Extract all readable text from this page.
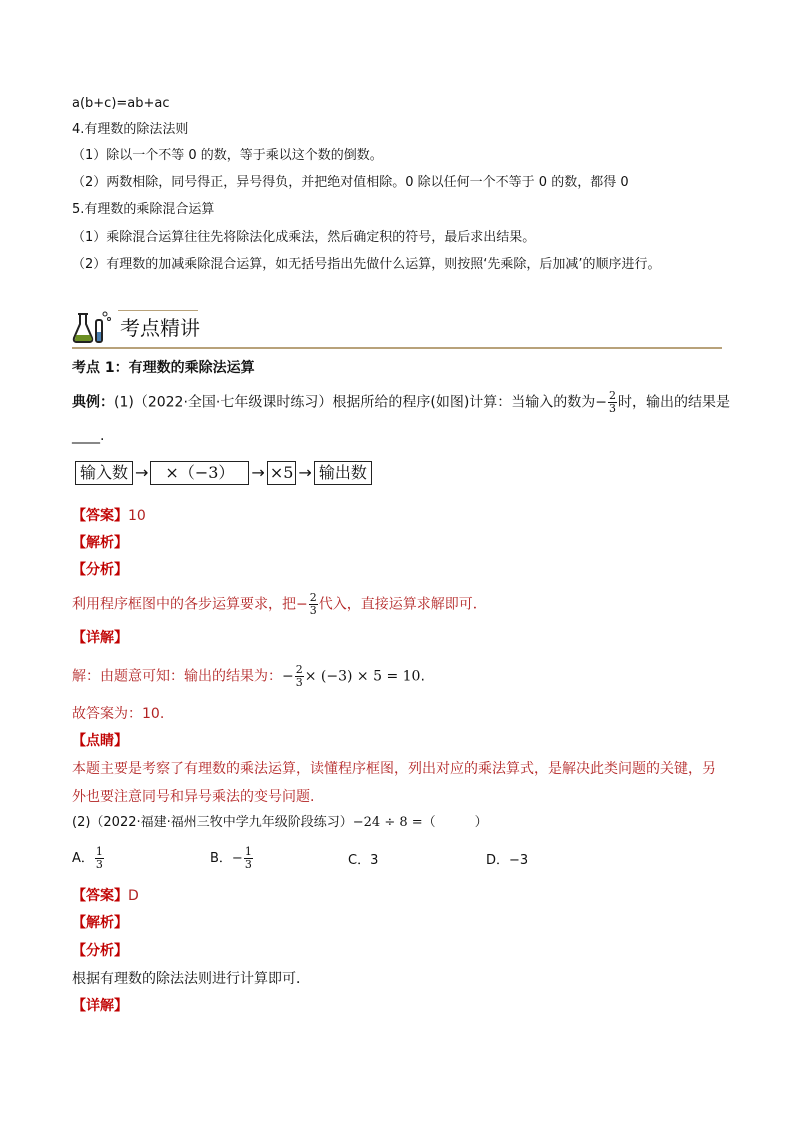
a(b+c)=ab+ac
4.有理数的除法法则
（1）除以一个不等 0 的数，等于乘以这个数的倒数。
（2）两数相除，同号得正，异号得负，并把绝对值相除。0 除以任何一个不等于 0 的数，都得 0
5.有理数的乘除混合运算
（1）乘除混合运算往往先将除法化成乘法，然后确定积的符号，最后求出结果。
（2）有理数的加减乘除混合运算，如无括号指出先做什么运算，则按照‘先乘除，后加减’的顺序进行。
考点精讲
考点 1：有理数的乘除法运算
典例：(1)（2022·全国·七年级课时练习）根据所给的程序(如图)计算：当输入的数为− $\frac{2}{3}$ 时，输出的结果是
____.
输入数 → ×（−3） → ×5 → 输出数
【答案】10
【解析】
【分析】
利用程序框图中的各步运算要求，把− $\frac{2}{3}$ 代入，直接运算求解即可．
【详解】
解：由题意可知：输出的结果为：− $\frac{2}{3} \times (-3) \times 5 = 10$.
故答案为：10.
【点睛】
本题主要是考察了有理数的乘法运算，读懂程序框图，列出对应的乘法算式，是解决此类问题的关键，另
外也要注意同号和异号乘法的变号问题.
(2)（2022·福建·福州三牧中学九年级阶段练习）−24 ÷ 8 =（　　　）
A． $\frac{1}{3}$	B．− $\frac{1}{3}$	C．3	D．−3
【答案】D
【解析】
【分析】
根据有理数的除法法则进行计算即可．
【详解】
